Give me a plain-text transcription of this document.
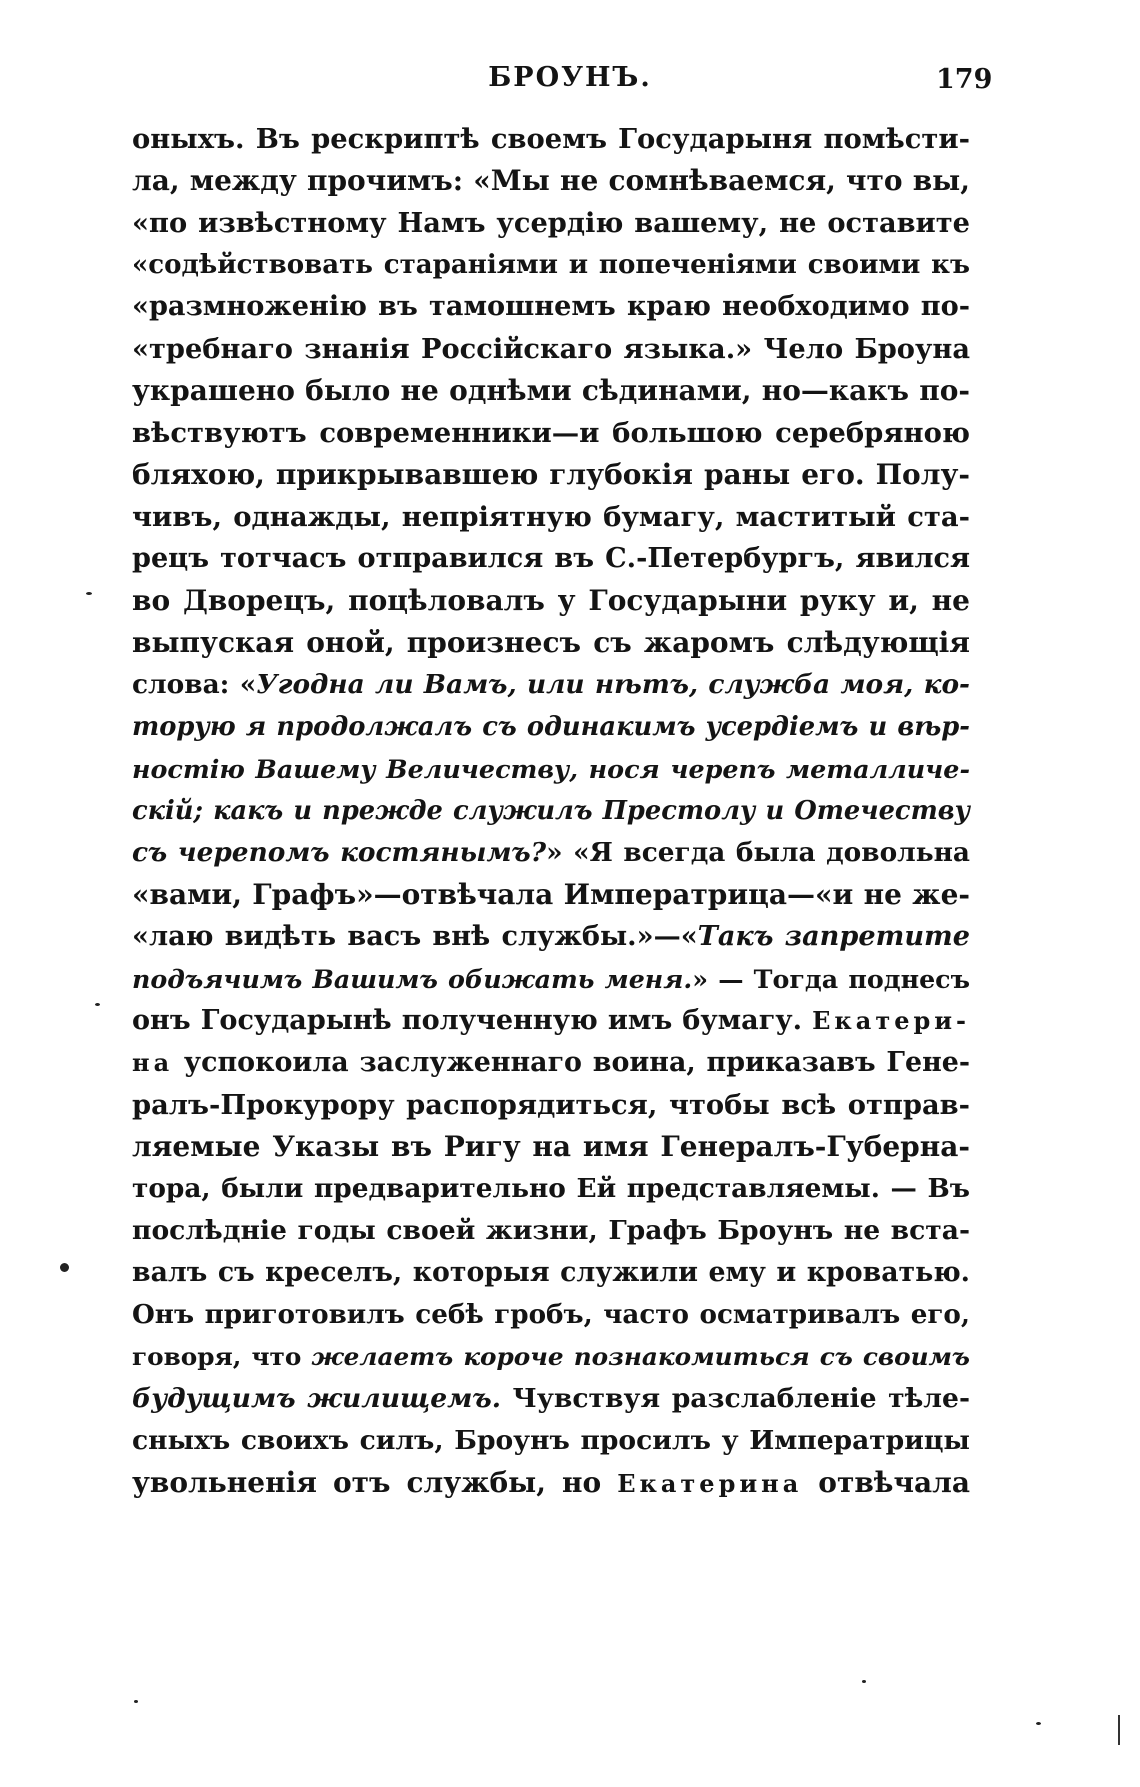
БРОУНЪ.	179
оныхъ. Въ рескриптѣ своемъ Государыня помѣсти-
ла, между прочимъ: «Мы не сомнѣваемся, что вы,
«по извѣстному Намъ усердію вашему, не оставите
«содѣйствовать стараніями и попеченіями своими къ
«размноженію въ тамошнемъ краю необходимо по-
«требнаго знанія Россійскаго языка.» Чело Броуна
украшено было не однѣми сѣдинами, но—какъ по-
вѣствуютъ современники—и большою серебряною
бляхою, прикрывавшею глубокія раны его. Полу-
чивъ, однажды, непріятную бумагу, маститый ста-
рецъ тотчасъ отправился въ С.-Петербургъ, явился
во Дворецъ, поцѣловалъ у Государыни руку и, не
выпуская оной, произнесъ съ жаромъ слѣдующія
слова: «Угодна ли Вамъ, или нѣтъ, служба моя, ко-
торую я продолжалъ съ одинакимъ усердіемъ и вѣр-
ностію Вашему Величеству, нося черепъ металличе-
скій; какъ и прежде служилъ Престолу и Отечеству
съ черепомъ костянымъ?» «Я всегда была довольна
«вами, Графъ»—отвѣчала Императрица—«и не же-
«лаю видѣть васъ внѣ службы.»—«Такъ запретите
подъячимъ Вашимъ обижать меня.» — Тогда поднесъ
онъ Государынѣ полученную имъ бумагу. Екатери-
на успокоила заслуженнаго воина, приказавъ Гене-
ралъ-Прокурору распорядиться, чтобы всѣ отправ-
ляемые Указы въ Ригу на имя Генералъ-Губерна-
тора, были предварительно Ей представляемы. — Въ
послѣдніе годы своей жизни, Графъ Броунъ не вста-
валъ съ креселъ, которыя служили ему и кроватью.
Онъ приготовилъ себѣ гробъ, часто осматривалъ его,
говоря, что желаетъ короче познакомиться съ своимъ
будущимъ жилищемъ. Чувствуя разслабленіе тѣле-
сныхъ своихъ силъ, Броунъ просилъ у Императрицы
увольненія отъ службы, но Екатерина отвѣчала
